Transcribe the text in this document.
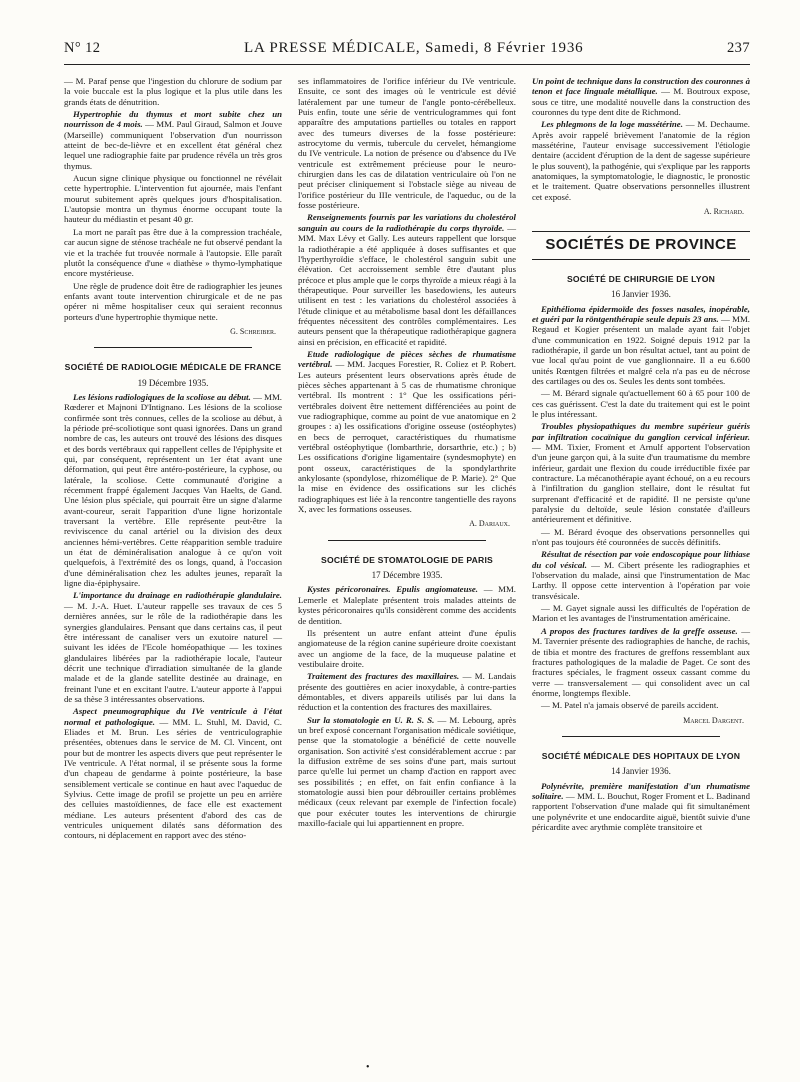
N° 12	LA PRESSE MÉDICALE, Samedi, 8 Février 1936	237

— M. Paraf pense que l'ingestion du chlorure de sodium par la voie buccale est la plus logique et la plus utile dans les grands états de dénutrition.

Hypertrophie du thymus et mort subite chez un nourrisson de 4 mois. — MM. Paul Giraud, Salmon et Jouve (Marseille) communiquent l'observation d'un nourrisson atteint de bec-de-lièvre et en excellent état général chez lequel une radiographie faite par prudence révéla un très gros thymus.

Aucun signe clinique physique ou fonctionnel ne révélait cette hypertrophie. L'intervention fut ajournée, mais l'enfant mourut subitement après quelques jours d'hospitalisation. L'autopsie montra un thymus énorme occupant toute la hauteur du médiastin et pesant 40 gr.

La mort ne paraît pas être due à la compression trachéale, car aucun signe de sténose trachéale ne fut observé pendant la vie et la trachée fut trouvée normale à l'autopsie. Elle paraît plutôt la conséquence d'une « diathèse » thymo-lymphatique encore mystérieuse.

Une règle de prudence doit être de radiographier les jeunes enfants avant toute intervention chirurgicale et de ne pas opérer ni même hospitaliser ceux qui seraient reconnus porteurs d'une hypertrophie thymique nette.

G. Schreiber.
SOCIÉTÉ DE RADIOLOGIE MÉDICALE DE FRANCE
19 Décembre 1935.

Les lésions radiologiques de la scoliose au début. — MM. Rœderer et Majnoni D'Intignano. Les lésions de la scoliose confirmée sont très connues, celles de la scoliose au début, à la période pré-scoliotique sont quasi ignorées. Dans un grand nombre de cas, les auteurs ont trouvé des lésions des disques et des bords vertébraux qui rappellent celles de l'épiphysite et qui, par conséquent, représentent un 1er état avant une déformation, qui peut être antéro-postérieure, la cyphose, ou latérale, la scoliose. Cette communauté d'origine a récemment frappé également Jacques Van Haelts, de Gand. Une lésion plus spéciale, qui pourrait être un signe d'alarme avant-coureur, serait l'apparition d'une ligne horizontale traversant la vertèbre. Elle représente peut-être la reviviscence du canal artériel ou la division des deux anciennes hémi-vertèbres. Cette réapparition semble traduire un état de déminéralisation analogue à ce qu'on voit quelquefois, à l'extrémité des os longs, quand, à l'occasion d'une déminéralisation chez les adultes jeunes, reparaît la ligne dia-épiphysaire.

L'importance du drainage en radiothérapie glandulaire. — M. J.-A. Huet. L'auteur rappelle ses travaux de ces 5 dernières années, sur le rôle de la radiothérapie dans les synergies glandulaires. Pensant que dans certains cas, il peut être intéressant de canaliser vers un exutoire naturel — suivant les idées de l'Ecole homéopathique — les toxines glandulaires libérées par la radiothérapie locale, l'auteur décrit une technique d'irradiation simultanée de la glande malade et de la glande satellite destinée au drainage, en freinant l'une et en excitant l'autre. L'auteur apporte à l'appui de sa thèse 3 intéressantes observations.

Aspect pneumographique du IVe ventricule à l'état normal et pathologique. — MM. L. Stuhl, M. David, C. Eliades et M. Brun. Les séries de ventriculographie présentées, obtenues dans le service de M. Cl. Vincent, ont pour but de montrer les aspects divers que peut représenter le IVe ventricule. A l'état normal, il se présente sous la forme d'un chapeau de gendarme à pointe postérieure, la base sensiblement verticale se continue en haut avec l'aqueduc de Sylvius. Cette image de profil se projette un peu en arrière des celluies mastoïdiennes, de face elle est exactement médiane. Les auteurs présentent d'abord des cas de ventricules uniquement dilatés sans déformation des contours, ni déplacement en rapport avec des sténo-

ses inflammatoires de l'orifice inférieur du IVe ventricule. Ensuite, ce sont des images où le ventricule est dévié latéralement par une tumeur de l'angle ponto-cérébelleux. Puis enfin, toute une série de ventriculogrammes qui font apparaître des amputations partielles ou totales en rapport avec des tumeurs diverses de la fosse postérieure: astrocytome du vermis, tubercule du cervelet, hémangiome du IVe ventricule. La notion de présence ou d'absence du IVe ventricule est extrêmement précieuse pour le neuro-chirurgien dans les cas de dilatation ventriculaire où l'on ne peut préciser cliniquement si l'obstacle siège au niveau de l'orifice postérieur du IIIe ventricule, de l'aqueduc, ou de la fosse postérieure.

Renseignements fournis par les variations du cholestérol sanguin au cours de la radiothérapie du corps thyroïde. — MM. Max Lévy et Gally. Les auteurs rappellent que lorsque la radiothérapie a été appliquée à doses suffisantes et que l'hyperthyroïdie s'efface, le cholestérol sanguin subit une élévation. Cet accroissement semble être d'autant plus précoce et plus ample que le corps thyroïde a mieux réagi à la thérapeutique. Pour surveiller les basedowiens, les auteurs utilisent en test : les variations du cholestérol associées à l'étude clinique et au métabolisme basal dont les défaillances fréquentes nécessitent des contrôles complémentaires. Les auteurs pensent que la thérapeutique radiothérapique gagnera ainsi en précision, en efficacité et rapidité.

Etude radiologique de pièces sèches de rhumatisme vertébral. — MM. Jacques Forestier, R. Coliez et P. Robert. Les auteurs présentent leurs observations après étude de pièces sèches appartenant à 5 cas de rhumatisme chronique vertébral. Ils montrent : 1° Que les ossifications péri-vertébrales doivent être nettement différenciées au point de vue radiographique, comme au point de vue anatomique en 2 groupes : a) les ossifications d'origine osseuse (ostéophytes) en becs de perroquet, caractéristiques du rhumatisme vertébral ostéophytique (lombarthrie, dorsarthrie, etc.) ; b) Les ossifications d'origine ligamentaire (syndesmophyte) en pont osseux, caractéristiques de la spondylarthrite ankylosante (spondylose, rhizomélique de P. Marie). 2° Que la mise en évidence des ossifications sur les clichés radiographiques est liée à la rencontre tangentielle des rayons X, avec les formations osseuses.

A. Dariaux.
SOCIÉTÉ DE STOMATOLOGIE DE PARIS
17 Décembre 1935.

Kystes péricoronaires. Epulis angiomateuse. — MM. Lemerle et Maleplate présentent trois malades atteints de kystes péricoronaires qu'ils considèrent comme des accidents de dentition.

Ils présentent un autre enfant atteint d'une épulis angiomateuse de la région canine supérieure droite coexistant avec un angiome de la face, de la muqueuse palatine et vestibulaire droite.

Traitement des fractures des maxillaires. — M. Landais présente des gouttières en acier inoxydable, à contre-parties démontables, et divers appareils utilisés par lui dans la réduction et la contention des fractures des maxillaires.

Sur la stomatologie en U. R. S. S. — M. Lebourg, après un bref exposé concernant l'organisation médicale soviétique, pense que la stomatologie a bénéficié de cette nouvelle organisation. Son activité s'est considérablement accrue : par la diffusion extrême de ses soins d'une part, mais surtout parce qu'elle lui permet un champ d'action en rapport avec ses possibilités ; en effet, on fait enfin confiance à la stomatologie aussi bien pour débrouiller certains problèmes médicaux (ceux relevant par exemple de l'infection focale) que pour exécuter toutes les interventions de chirurgie maxillo-faciale qui lui appartiennent en propre.

Un point de technique dans la construction des couronnes à tenon et face linguale métallique. — M. Boutroux expose, sous ce titre, une modalité nouvelle dans la construction des couronnes du type dent dite de Richmond.

Les phlegmons de la loge massétérine. — M. Dechaume. Après avoir rappelé brièvement l'anatomie de la région massétérine, l'auteur envisage successivement l'étiologie dentaire (accident d'éruption de la dent de sagesse supérieure le plus souvent), la pathogénie, qui s'explique par les rapports anatomiques, la symptomatologie, le diagnostic, le pronostic et le traitement. Quatre observations personnelles illustrent cet exposé.

A. Richard.
SOCIÉTÉS DE PROVINCE
SOCIÉTÉ DE CHIRURGIE DE LYON
16 Janvier 1936.

Epithélioma épidermoïde des fosses nasales, inopérable, et guéri par la röntgenthérapie seule depuis 23 ans. — MM. Regaud et Kogier présentent un malade ayant fait l'objet d'une communication en 1922. Soigné depuis 1912 par la radiothérapie, il garde un bon résultat actuel, tant au point de vue local qu'au point de vue ganglionnaire. Il a eu 6.600 unités Rœntgen filtrées et malgré cela n'a pas eu de nécrose des cartilages ou des os. Seules les dents sont tombées.

— M. Bérard signale qu'actuellement 60 à 65 pour 100 de ces cas guérissent. C'est la date du traitement qui est le point le plus intéressant.

Troubles physiopathiques du membre supérieur guéris par infiltration cocaïnique du ganglion cervical inférieur. — MM. Tixier, Froment et Arnulf apportent l'observation d'un jeune garçon qui, à la suite d'un traumatisme du membre inférieur, gardait une flexion du coude irréductible fixée par contracture. La mécanothérapie ayant échoué, on a eu recours à l'infiltration du ganglion stellaire, dont le résultat fut surprenant d'efficacité et de rapidité. Il ne persiste qu'une paralysie du deltoïde, seule lésion constatée d'ailleurs antérieurement et définitive.

— M. Bérard évoque des observations personnelles qui n'ont pas toujours été couronnées de succès définitifs.

Résultat de résection par voie endoscopique pour lithiase du col vésical. — M. Cibert présente les radiographies et l'observation du malade, ainsi que l'instrumentation de Mac Larthy. Il oppose cette intervention à l'opération par voie transvésicale.

— M. Gayet signale aussi les difficultés de l'opération de Marion et les avantages de l'instrumentation américaine.

A propos des fractures tardives de la greffe osseuse. — M. Tavernier présente des radiographies de hanche, de rachis, de tibia et montre des fractures de greffons ressemblant aux fractures pathologiques de la maladie de Paget. Ce sont des fractures spéciales, le fragment osseux cassant comme du verre — transversalement — qui consolident avec un cal énorme, longtemps flexible.

— M. Patel n'a jamais observé de pareils accident.

Marcel Dargent.
SOCIÉTÉ MÉDICALE DES HOPITAUX DE LYON
14 Janvier 1936.

Polynévrite, première manifestation d'un rhumatisme solitaire. — MM. L. Bouchut, Roger Froment et L. Badinand rapportent l'observation d'une malade qui fit simultanément une polynévrite et une endocardite aiguë, bientôt suivie d'une péricardite avec arythmie complète transitoire et

•
